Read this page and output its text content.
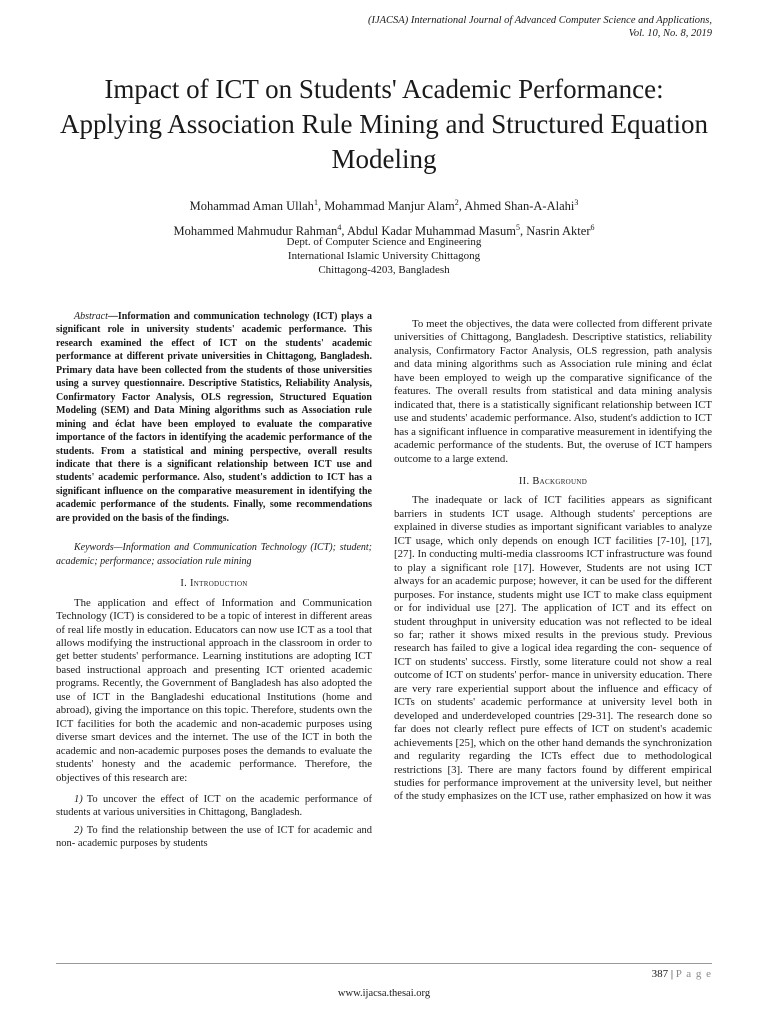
(IJACSA) International Journal of Advanced Computer Science and Applications,
Vol. 10, No. 8, 2019
Impact of ICT on Students' Academic Performance: Applying Association Rule Mining and Structured Equation Modeling
Mohammad Aman Ullah$^1$, Mohammad Manjur Alam$^2$, Ahmed Shan-A-Alahi$^3$
Mohammed Mahmudur Rahman$^4$, Abdul Kadar Muhammad Masum$^5$, Nasrin Akter$^6$
Dept. of Computer Science and Engineering
International Islamic University Chittagong
Chittagong-4203, Bangladesh

Abstract—Information and communication technology (ICT) plays a significant role in university students' academic performance. This research examined the effect of ICT on the students' academic performance at different private universities in Chittagong, Bangladesh. Primary data have been collected from the students of those universities using a survey questionnaire. Descriptive Statistics, Reliability Analysis, Confirmatory Factor Analysis, OLS regression, Structured Equation Modeling (SEM) and Data Mining algorithms such as Association rule mining and éclat have been employed to evaluate the comparative importance of the factors in identifying the academic performance of the students. From a statistical and mining perspective, overall results indicate that there is a significant relationship between ICT use and students' academic performance. Also, student's addiction to ICT has a significant influence on the comparative measurement in identifying the academic performance of the students. Finally, some recommendations are provided on the basis of the findings.

Keywords—Information and Communication Technology (ICT); student; academic; performance; association rule mining

I. Introduction

The application and effect of Information and Communication Technology (ICT) is considered to be a topic of interest in different areas of real life mostly in education. Educators can now use ICT as a tool that allows modifying the instructional approach in the classroom in order to get better students' performance. Learning institutions are adopting ICT based instructional approach and presenting ICT oriented academic programs. Recently, the Government of Bangladesh has also adopted the use of ICT in the Bangladeshi educational Institutions (home and abroad), giving the importance on this topic. Therefore, students own the ICT facilities for both the academic and non-academic purposes using diverse smart devices and the internet. The use of the ICT in both the academic and non-academic purposes poses the demands to evaluate the students' honesty and the academic performance. Therefore, the objectives of this research are:

1) To uncover the effect of ICT on the academic performance of students at various universities in Chittagong, Bangladesh.

2) To find the relationship between the use of ICT for academic and non- academic purposes by students

To meet the objectives, the data were collected from different private universities of Chittagong, Bangladesh. Descriptive statistics, reliability analysis, Confirmatory Factor Analysis, OLS regression, path analysis and data mining algorithms such as Association rule mining and éclat have been employed to weigh up the comparative significance of the features. The overall results from statistical and data mining analysis indicated that, there is a statistically significant relationship between ICT use and students' academic performance. Also, student's addiction to ICT has a significant influence in comparative measurement in identifying the academic performance of the students. But, the overuse of ICT hampers outcome to a large extend.

II. Background

The inadequate or lack of ICT facilities appears as significant barriers in students ICT usage. Although students' perceptions are explained in diverse studies as important significant variables to analyze ICT usage, which only depends on enough ICT facilities [7-10], [17], [27]. In conducting multi-media classrooms ICT infrastructure was found to play a significant role [17]. However, Students are not using ICT always for an academic purpose; however, it can be used for the different purposes. For instance, students might use ICT to make class equipment or for individual use [27]. The application of ICT and its effect on student throughput in university education was not reflected to be ideal so far; rather it shows mixed results in the previous study. Previous research has failed to give a logical idea regarding the con- sequence of ICT on students' success. Firstly, some literature could not show a real outcome of ICT on students' perfor- mance in university education. There are very rare experiential support about the influence and efficacy of ICTs on students' academic performance at university level both in developed and underdeveloped countries [29-31]. The research done so far does not clearly reflect pure effects of ICT on student's academic achievements [25], which on the other hand demands the synchronization and regularity regarding the ICTs effect due to methodological restrictions [3]. There are many factors found by different empirical studies for performance improvement at the university level, but neither of the study emphasizes on the ICT use, rather emphasized on how it was

387 | P a g e
www.ijacsa.thesai.org
